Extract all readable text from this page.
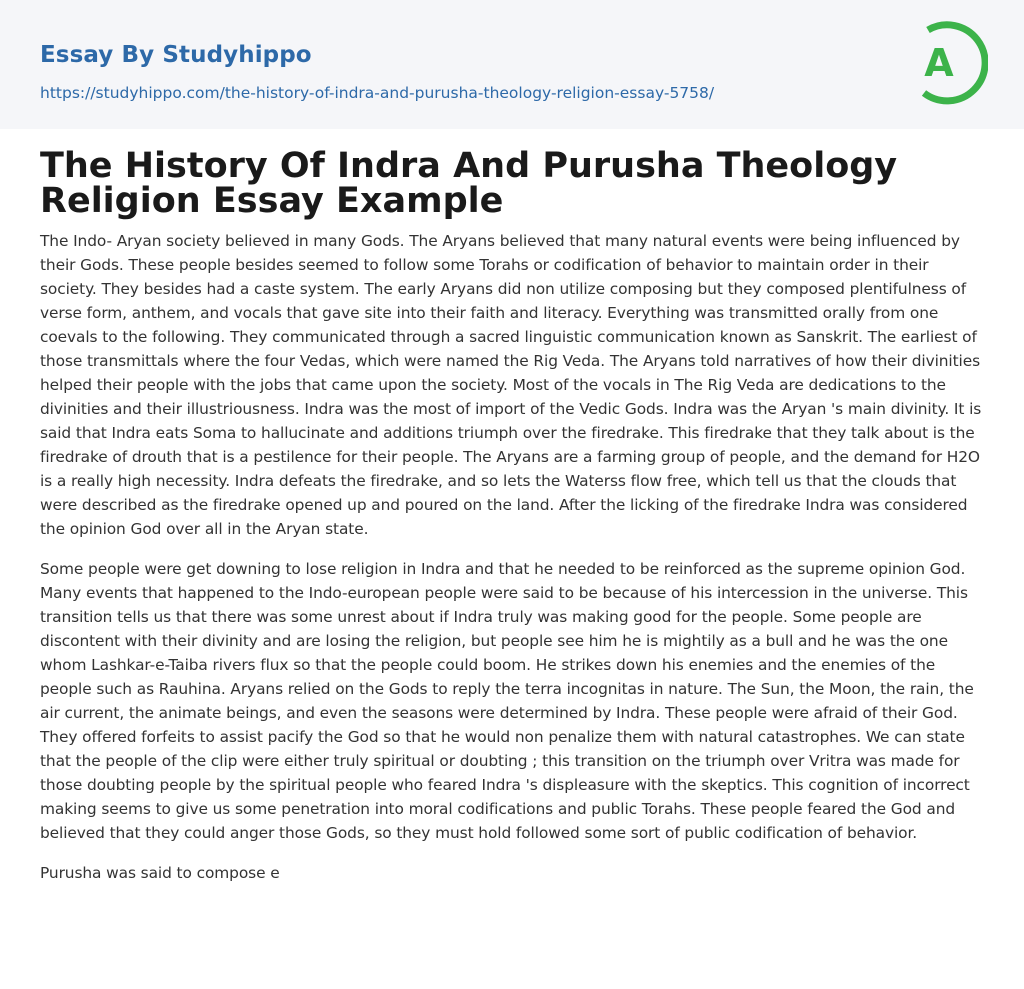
Essay By Studyhippo
https://studyhippo.com/the-history-of-indra-and-purusha-theology-religion-essay-5758/
A
The History Of Indra And Purusha Theology Religion Essay Example

The Indo- Aryan society believed in many Gods. The Aryans believed that many natural events were being influenced by their Gods. These people besides seemed to follow some Torahs or codification of behavior to maintain order in their society. They besides had a caste system. The early Aryans did non utilize composing but they composed plentifulness of verse form, anthem, and vocals that gave site into their faith and literacy. Everything was transmitted orally from one coevals to the following. They communicated through a sacred linguistic communication known as Sanskrit. The earliest of those transmittals where the four Vedas, which were named the Rig Veda. The Aryans told narratives of how their divinities helped their people with the jobs that came upon the society. Most of the vocals in The Rig Veda are dedications to the divinities and their illustriousness. Indra was the most of import of the Vedic Gods. Indra was the Aryan 's main divinity. It is said that Indra eats Soma to hallucinate and additions triumph over the firedrake. This firedrake that they talk about is the firedrake of drouth that is a pestilence for their people. The Aryans are a farming group of people, and the demand for H2O is a really high necessity. Indra defeats the firedrake, and so lets the Waterss flow free, which tell us that the clouds that were described as the firedrake opened up and poured on the land. After the licking of the firedrake Indra was considered the opinion God over all in the Aryan state.

Some people were get downing to lose religion in Indra and that he needed to be reinforced as the supreme opinion God. Many events that happened to the Indo-european people were said to be because of his intercession in the universe. This transition tells us that there was some unrest about if Indra truly was making good for the people. Some people are discontent with their divinity and are losing the religion, but people see him he is mightily as a bull and he was the one whom Lashkar-e-Taiba rivers flux so that the people could boom. He strikes down his enemies and the enemies of the people such as Rauhina. Aryans relied on the Gods to reply the terra incognitas in nature. The Sun, the Moon, the rain, the air current, the animate beings, and even the seasons were determined by Indra. These people were afraid of their God. They offered forfeits to assist pacify the God so that he would non penalize them with natural catastrophes. We can state that the people of the clip were either truly spiritual or doubting ; this transition on the triumph over Vritra was made for those doubting people by the spiritual people who feared Indra 's displeasure with the skeptics. This cognition of incorrect making seems to give us some penetration into moral codifications and public Torahs. These people feared the God and believed that they could anger those Gods, so they must hold followed some sort of public codification of behavior.

Purusha was said to compose e
